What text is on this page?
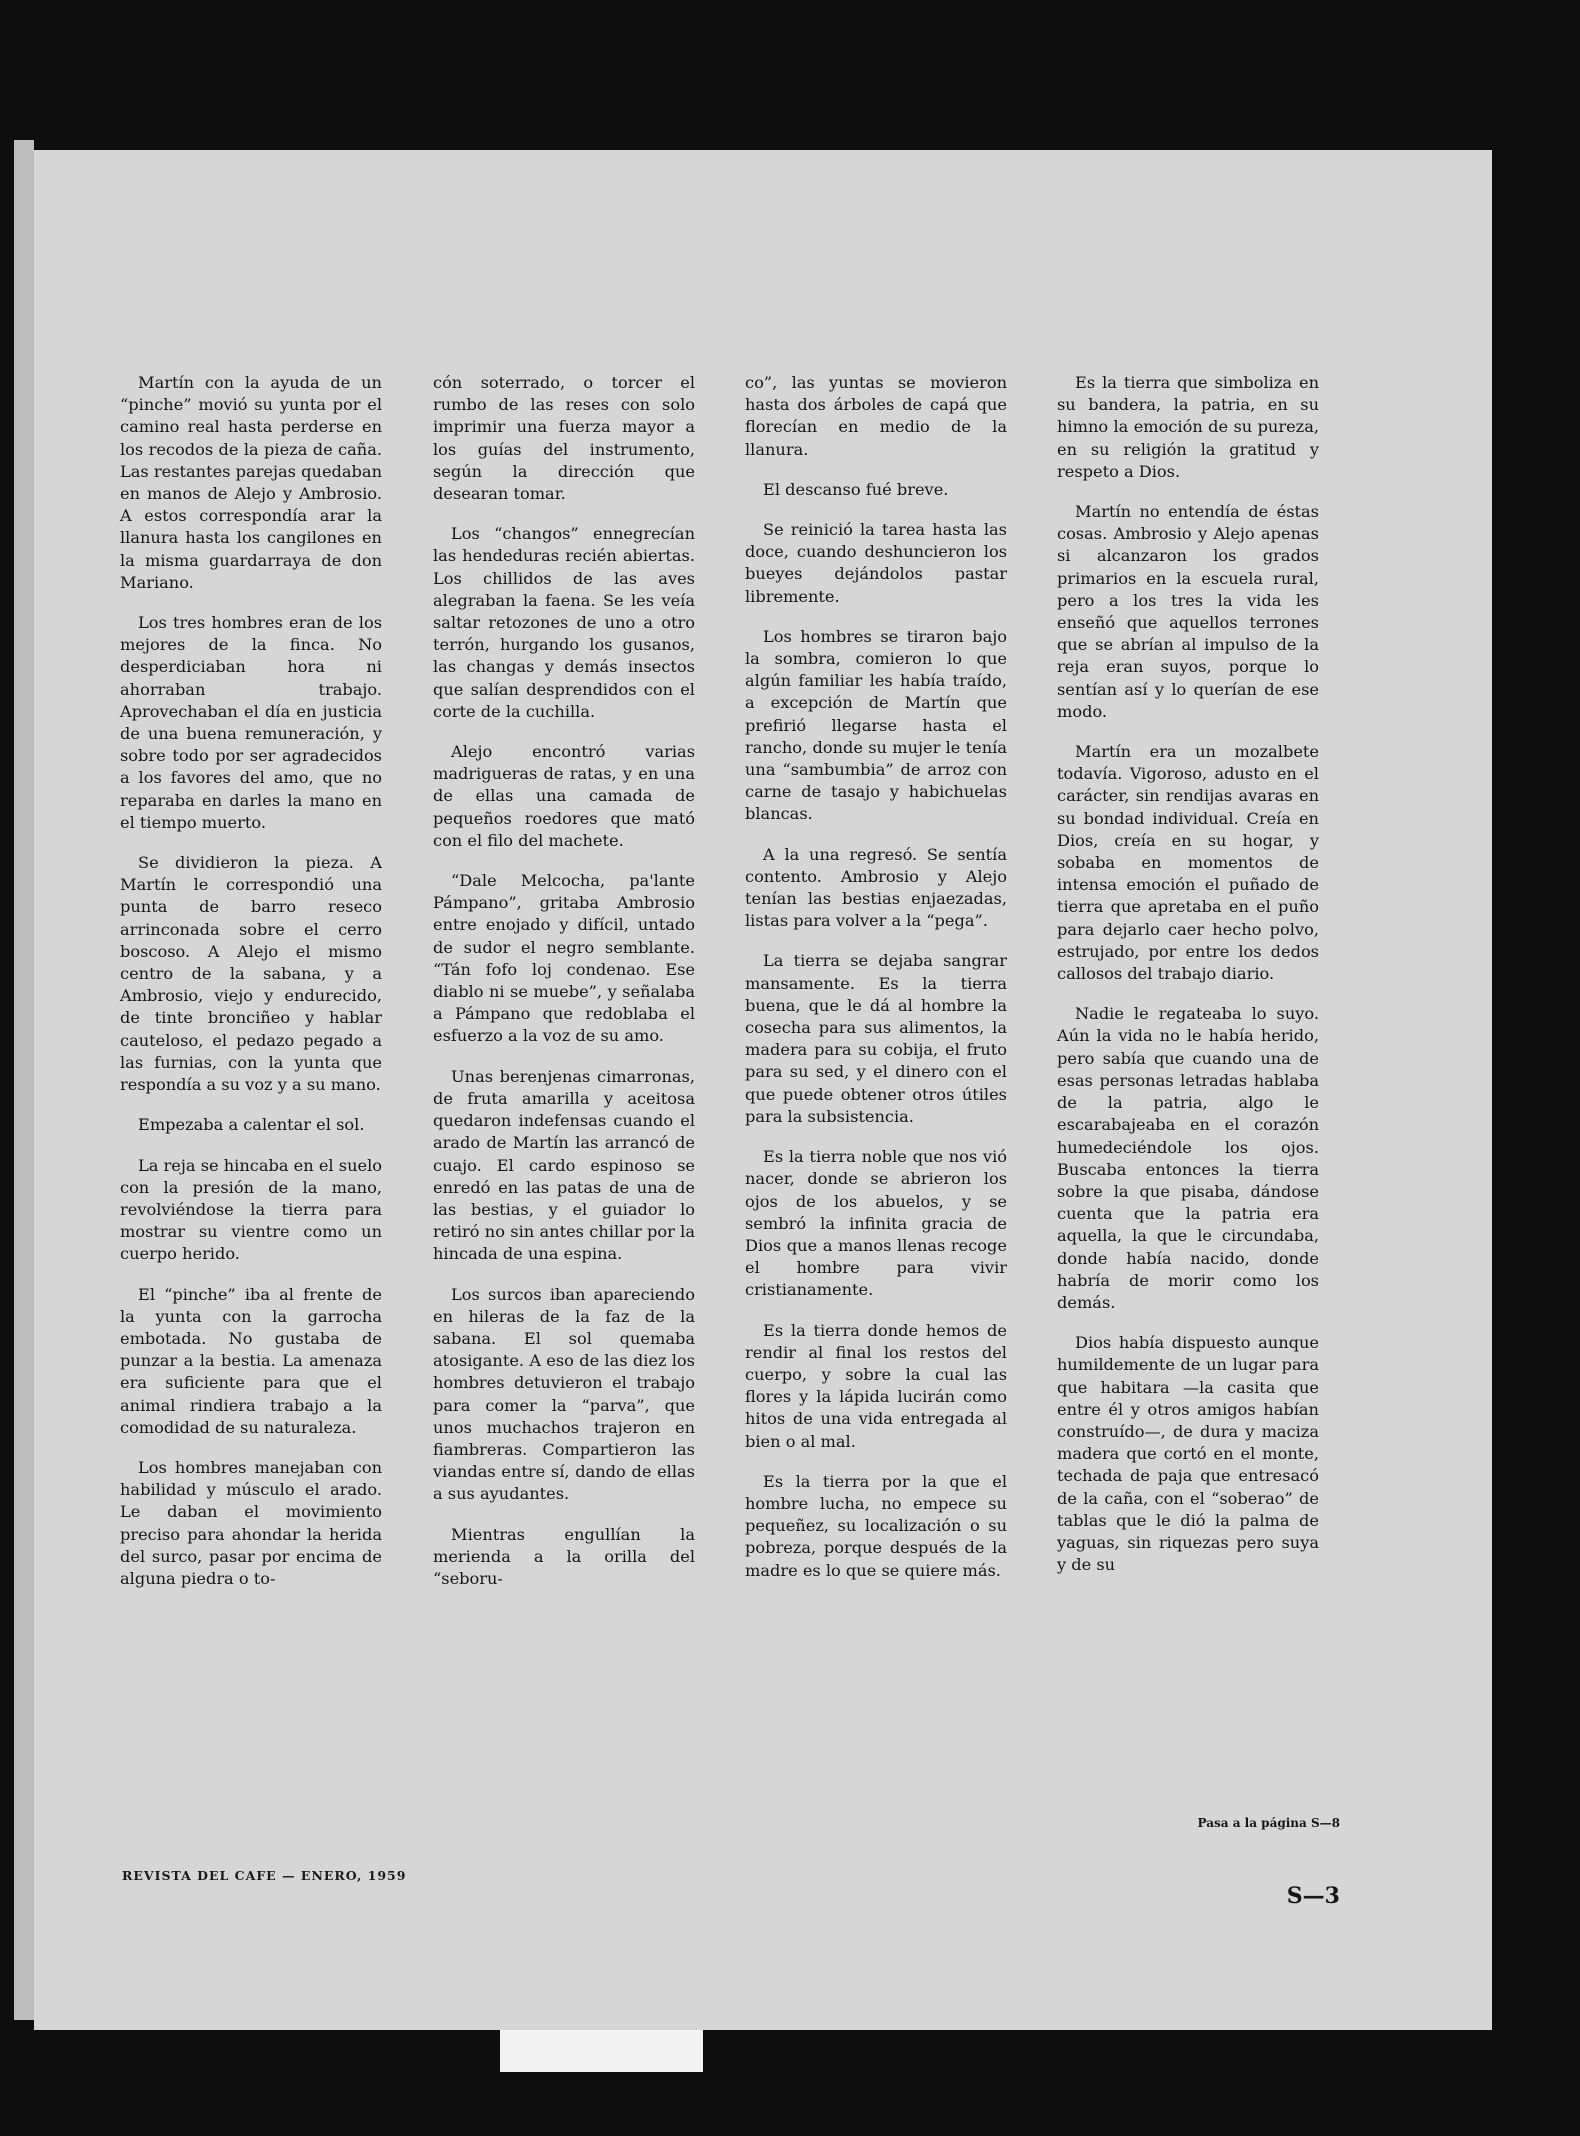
Martín con la ayuda de un “pinche” movió su yunta por el camino real hasta perderse en los recodos de la pieza de caña. Las restantes parejas quedaban en manos de Alejo y Ambrosio. A estos correspondía arar la llanura hasta los cangilones en la misma guardarraya de don Mariano.

Los tres hombres eran de los mejores de la finca. No desperdiciaban hora ni ahorraban trabajo. Aprovechaban el día en justicia de una buena remuneración, y sobre todo por ser agradecidos a los favores del amo, que no reparaba en darles la mano en el tiempo muerto.

Se dividieron la pieza. A Martín le correspondió una punta de barro reseco arrinconada sobre el cerro boscoso. A Alejo el mismo centro de la sabana, y a Ambrosio, viejo y endurecido, de tinte bronciñeo y hablar cauteloso, el pedazo pegado a las furnias, con la yunta que respondía a su voz y a su mano.

Empezaba a calentar el sol.

La reja se hincaba en el suelo con la presión de la mano, revolviéndose la tierra para mostrar su vientre como un cuerpo herido.

El “pinche” iba al frente de la yunta con la garrocha embotada. No gustaba de punzar a la bestia. La amenaza era suficiente para que el animal rindiera trabajo a la comodidad de su naturaleza.

Los hombres manejaban con habilidad y músculo el arado. Le daban el movimiento preciso para ahondar la herida del surco, pasar por encima de alguna piedra o to-

cón soterrado, o torcer el rumbo de las reses con solo imprimir una fuerza mayor a los guías del instrumento, según la dirección que desearan tomar.

Los “changos” ennegrecían las hendeduras recién abiertas. Los chillidos de las aves alegraban la faena. Se les veía saltar retozones de uno a otro terrón, hurgando los gusanos, las changas y demás insectos que salían desprendidos con el corte de la cuchilla.

Alejo encontró varias madrigueras de ratas, y en una de ellas una camada de pequeños roedores que mató con el filo del machete.

“Dale Melcocha, pa'lante Pámpano”, gritaba Ambrosio entre enojado y difícil, untado de sudor el negro semblante. “Tán fofo loj condenao. Ese diablo ni se muebe”, y señalaba a Pámpano que redoblaba el esfuerzo a la voz de su amo.

Unas berenjenas cimarronas, de fruta amarilla y aceitosa quedaron indefensas cuando el arado de Martín las arrancó de cuajo. El cardo espinoso se enredó en las patas de una de las bestias, y el guiador lo retiró no sin antes chillar por la hincada de una espina.

Los surcos iban apareciendo en hileras de la faz de la sabana. El sol quemaba atosigante. A eso de las diez los hombres detuvieron el trabajo para comer la “parva”, que unos muchachos trajeron en fiambreras. Compartieron las viandas entre sí, dando de ellas a sus ayudantes.

Mientras engullían la merienda a la orilla del “seboru-

co”, las yuntas se movieron hasta dos árboles de capá que florecían en medio de la llanura.

El descanso fué breve.

Se reinició la tarea hasta las doce, cuando deshuncieron los bueyes dejándolos pastar libremente.

Los hombres se tiraron bajo la sombra, comieron lo que algún familiar les había traído, a excepción de Martín que prefirió llegarse hasta el rancho, donde su mujer le tenía una “sambumbia” de arroz con carne de tasajo y habichuelas blancas.

A la una regresó. Se sentía contento. Ambrosio y Alejo tenían las bestias enjaezadas, listas para volver a la “pega”.

La tierra se dejaba sangrar mansamente. Es la tierra buena, que le dá al hombre la cosecha para sus alimentos, la madera para su cobija, el fruto para su sed, y el dinero con el que puede obtener otros útiles para la subsistencia.

Es la tierra noble que nos vió nacer, donde se abrieron los ojos de los abuelos, y se sembró la infinita gracia de Dios que a manos llenas recoge el hombre para vivir cristianamente.

Es la tierra donde hemos de rendir al final los restos del cuerpo, y sobre la cual las flores y la lápida lucirán como hitos de una vida entregada al bien o al mal.

Es la tierra por la que el hombre lucha, no empece su pequeñez, su localización o su pobreza, porque después de la madre es lo que se quiere más.

Es la tierra que simboliza en su bandera, la patria, en su himno la emoción de su pureza, en su religión la gratitud y respeto a Dios.

Martín no entendía de éstas cosas. Ambrosio y Alejo apenas si alcanzaron los grados primarios en la escuela rural, pero a los tres la vida les enseñó que aquellos terrones que se abrían al impulso de la reja eran suyos, porque lo sentían así y lo querían de ese modo.

Martín era un mozalbete todavía. Vigoroso, adusto en el carácter, sin rendijas avaras en su bondad individual. Creía en Dios, creía en su hogar, y sobaba en momentos de intensa emoción el puñado de tierra que apretaba en el puño para dejarlo caer hecho polvo, estrujado, por entre los dedos callosos del trabajo diario.

Nadie le regateaba lo suyo. Aún la vida no le había herido, pero sabía que cuando una de esas personas letradas hablaba de la patria, algo le escarabajeaba en el corazón humedeciéndole los ojos. Buscaba entonces la tierra sobre la que pisaba, dándose cuenta que la patria era aquella, la que le circundaba, donde había nacido, donde habría de morir como los demás.

Dios había dispuesto aunque humildemente de un lugar para que habitara —la casita que entre él y otros amigos habían construído—, de dura y maciza madera que cortó en el monte, techada de paja que entresacó de la caña, con el “soberao” de tablas que le dió la palma de yaguas, sin riquezas pero suya y de su

Pasa a la página S—8
REVISTA DEL CAFE — ENERO, 1959
S—3
